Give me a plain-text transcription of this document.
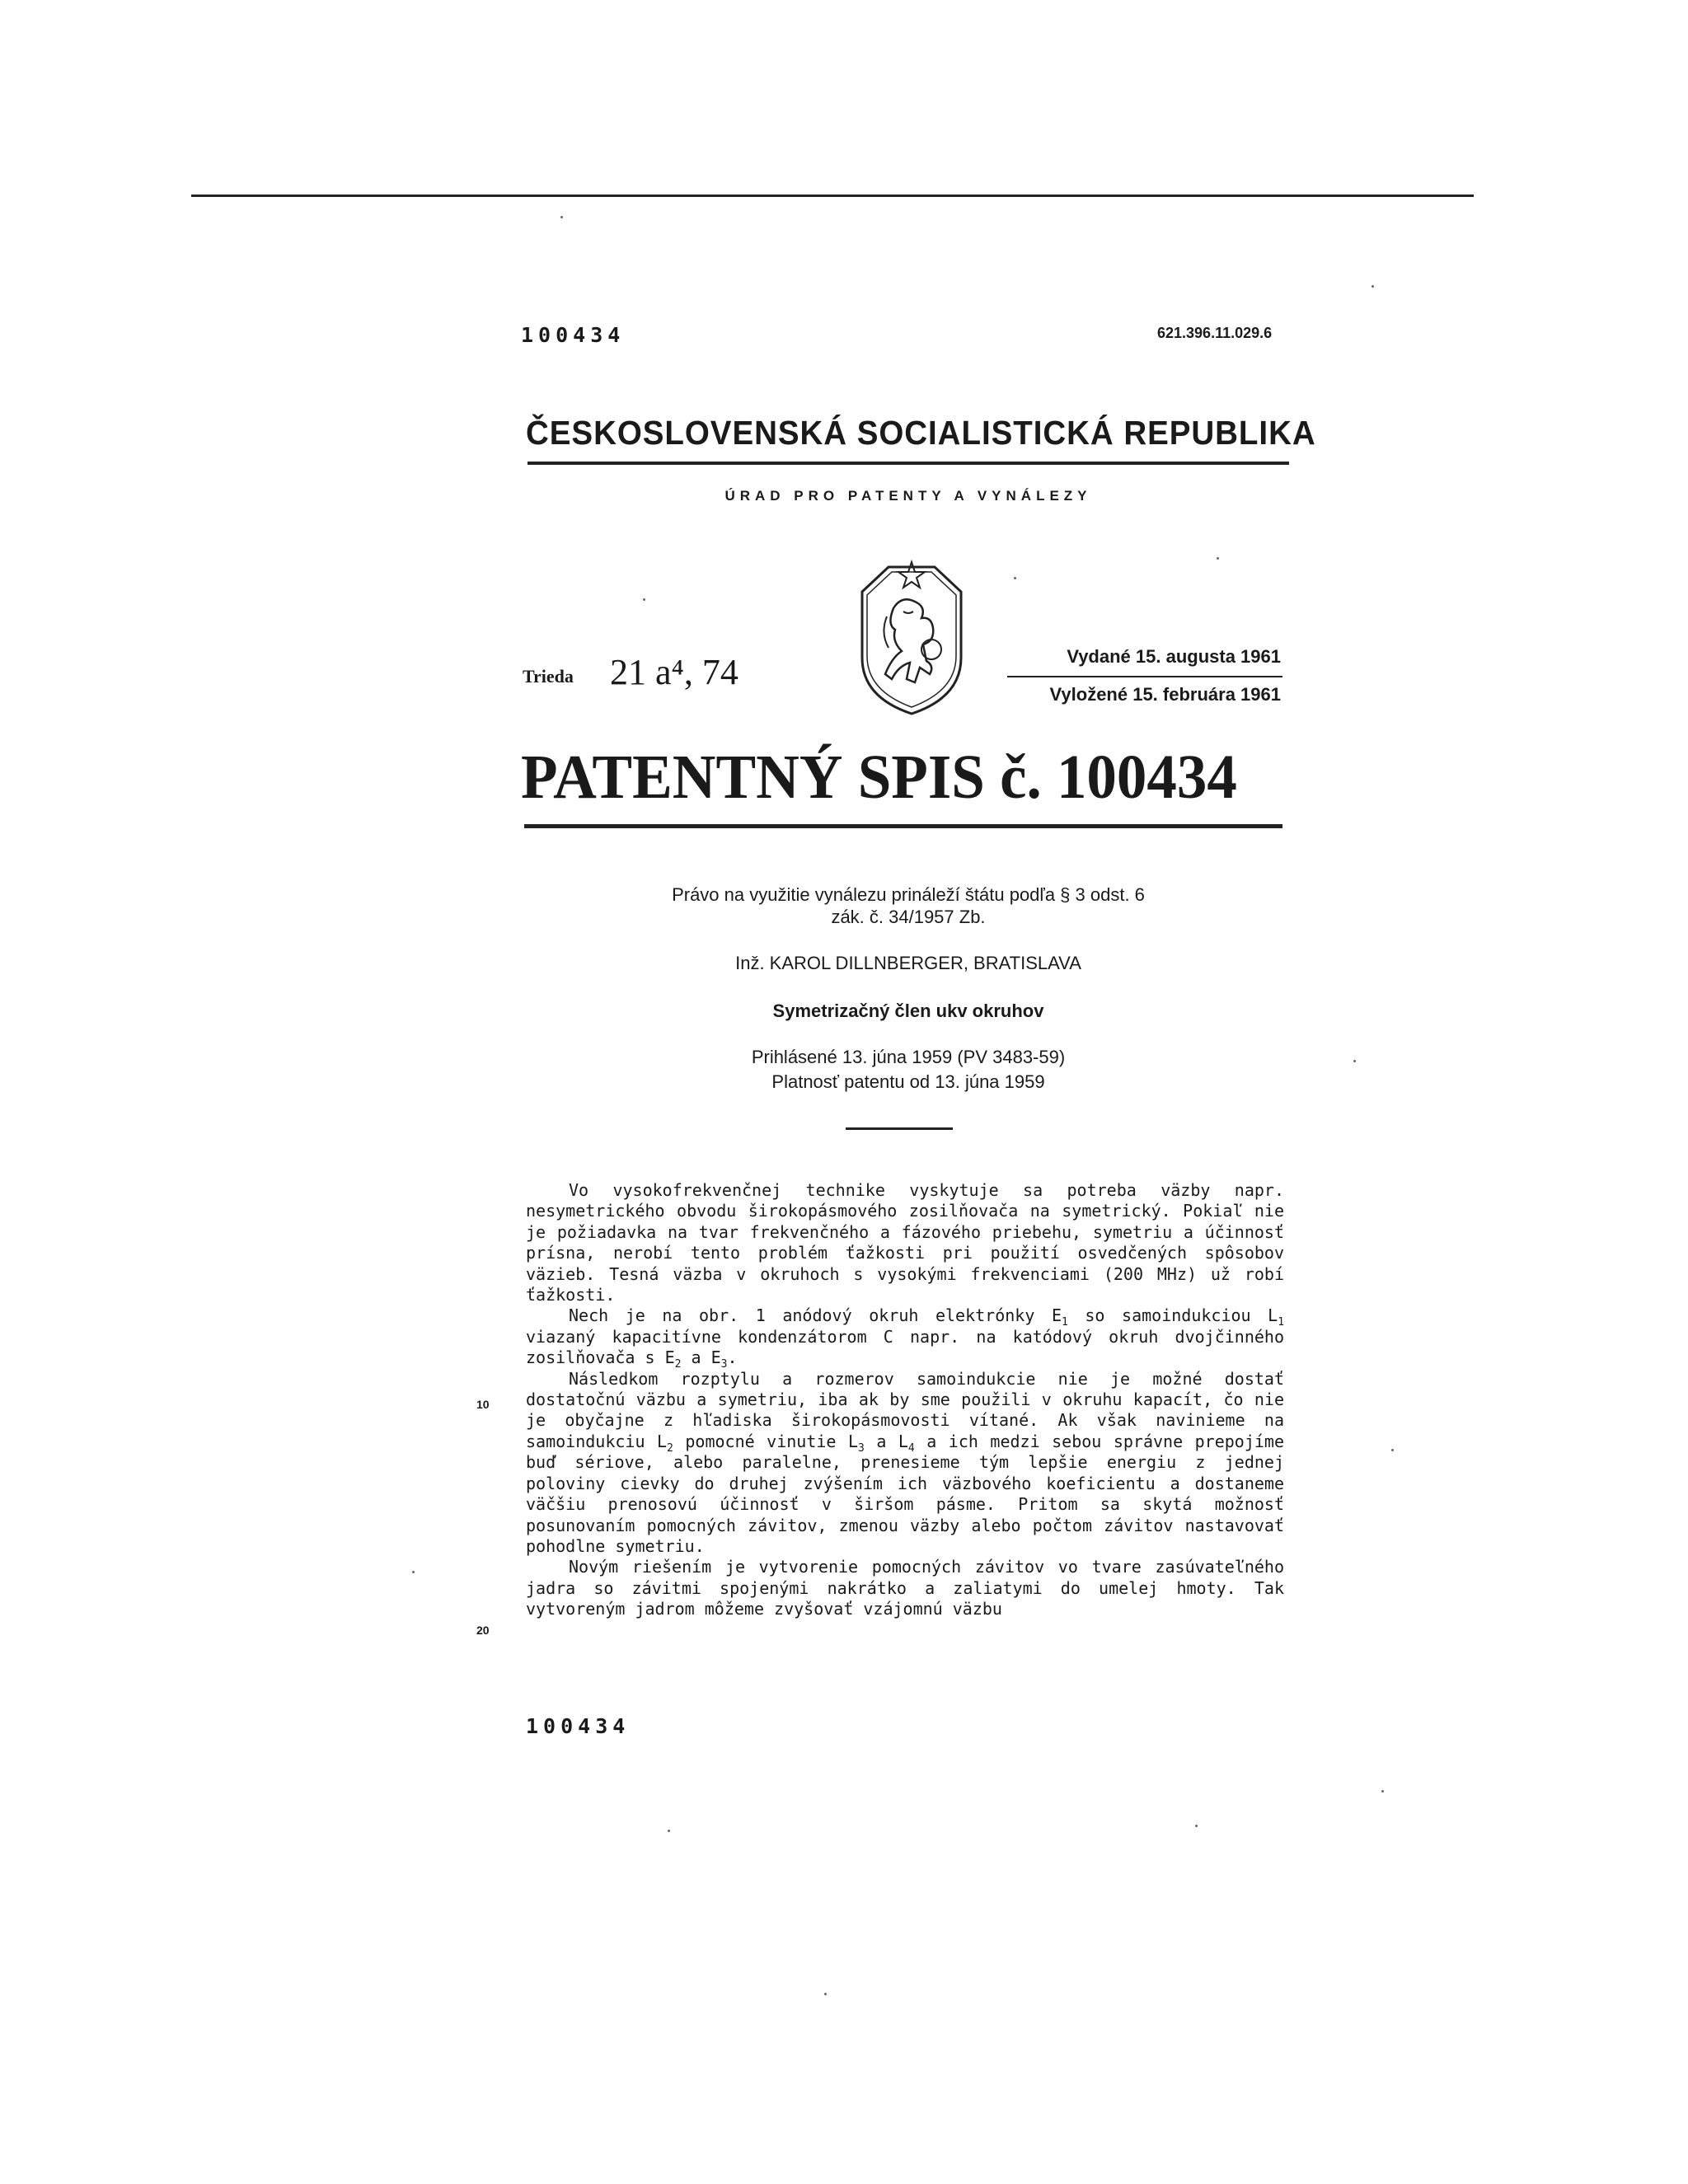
100434	621.396.11.029.6
ČESKOSLOVENSKÁ SOCIALISTICKÁ REPUBLIKA
ÚRAD PRO PATENTY A VYNÁLEZY
Trieda 21 a⁴, 74	Vydané 15. augusta 1961
Vyložené 15. februára 1961
PATENTNÝ SPIS č. 100434
Právo na využitie vynálezu prináleží štátu podľa § 3 odst. 6
zák. č. 34/1957 Zb.
Inž. KAROL DILLNBERGER, BRATISLAVA
Symetrizačný člen ukv okruhov
Prihlásené 13. júna 1959 (PV 3483-59)
Platnosť patentu od 13. júna 1959

Vo vysokofrekvenčnej technike vyskytuje sa potreba väzby napr. nesymetrického obvodu širokopásmového zosilňovača na symetrický. Pokiaľ nie je požiadavka na tvar frekvenčného a fázového priebehu, symetriu a účinnosť prísna, nerobí tento problém ťažkosti pri použití osvedčených spôsobov väzieb. Tesná väzba v okruhoch s vysokými frekvenciami (200 MHz) už robí ťažkosti.

Nech je na obr. 1 anódový okruh elektrónky $E_1$ so samoindukciou $L_1$ viazaný kapacitívne kondenzátorom C napr. na katódový okruh dvojčinného zosilňovača s $E_2$ a $E_3$.

Následkom rozptylu a rozmerov samoindukcie nie je možné dostať dostatočnú väzbu a symetriu, iba ak by sme použili v okruhu kapacít, čo nie je obyčajne z hľadiska širokopásmovosti vítané. Ak však navinieme na samoindukciu $L_2$ pomocné vinutie $L_3$ a $L_4$ a ich medzi sebou správne prepojíme buď sériove, alebo paralelne, prenesieme tým lepšie energiu z jednej poloviny cievky do druhej zvýšením ich väzbového koeficientu a dostaneme väčšiu prenosovú účinnosť v širšom pásme. Pritom sa skytá možnosť posunovaním pomocných závitov, zmenou väzby alebo počtom závitov nastavovať pohodlne symetriu.

Novým riešením je vytvorenie pomocných závitov vo tvare zasúvateľného jadra so závitmi spojenými nakrátko a zaliatymi do umelej hmoty. Tak vytvoreným jadrom môžeme zvyšovať vzájomnú väzbu

10
20
100434
